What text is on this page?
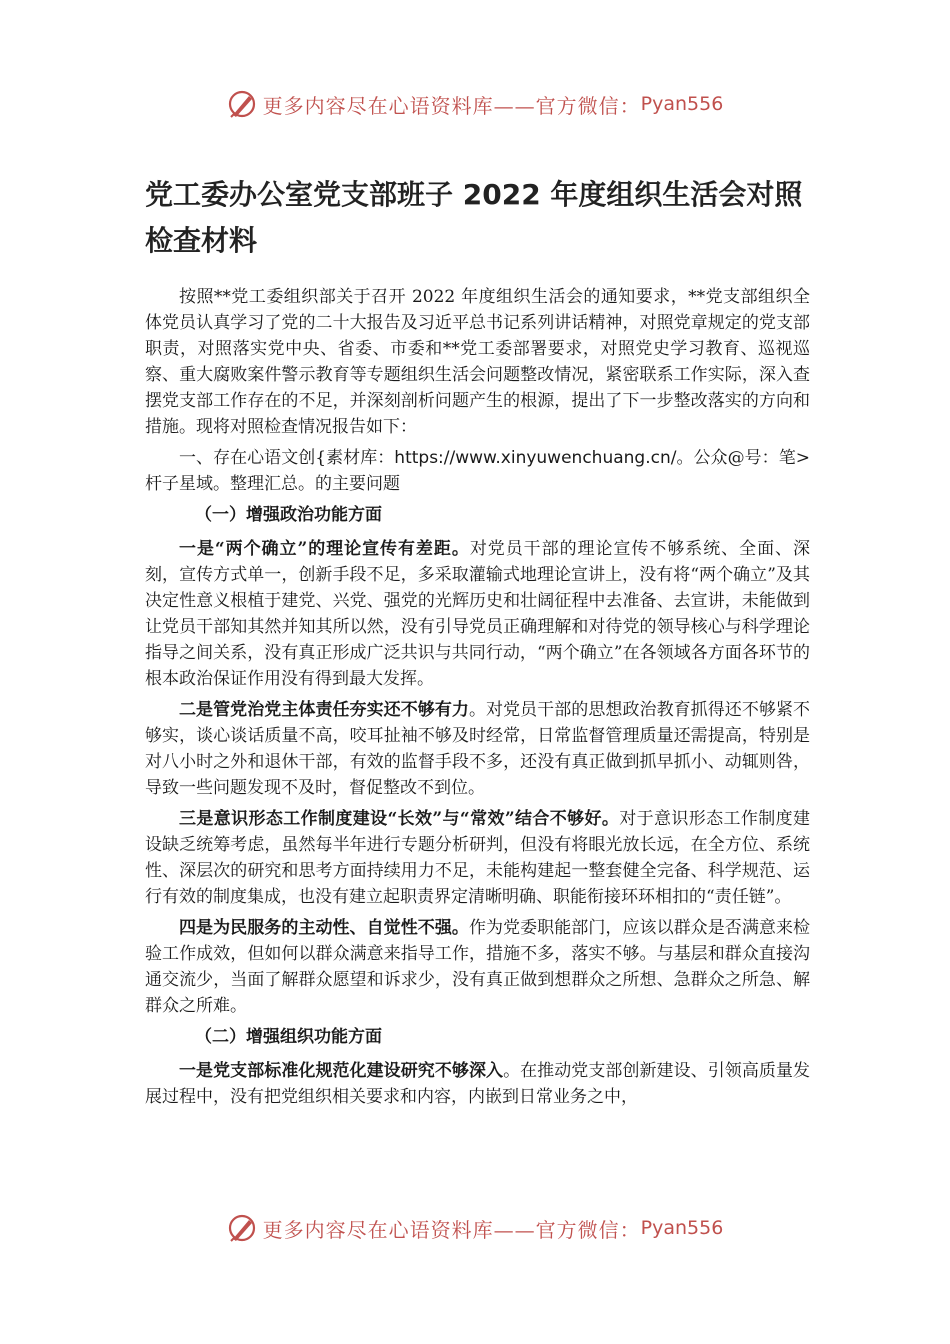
更多内容尽在心语资料库——官方微信： Pyan556
党工委办公室党支部班子 2022 年度组织生活会对照检查材料

按照**党工委组织部关于召开 2022 年度组织生活会的通知要求，**党支部组织全体党员认真学习了党的二十大报告及习近平总书记系列讲话精神，对照党章规定的党支部职责，对照落实党中央、省委、市委和**党工委部署要求，对照党史学习教育、巡视巡察、重大腐败案件警示教育等专题组织生活会问题整改情况，紧密联系工作实际，深入查摆党支部工作存在的不足，并深刻剖析问题产生的根源，提出了下一步整改落实的方向和措施。现将对照检查情况报告如下：

一、存在心语文创{素材库：https://www.xinyuwenchuang.cn/。公众@号：笔>杆子星域。整理汇总。的主要问题

（一）增强政治功能方面

一是“两个确立”的理论宣传有差距。对党员干部的理论宣传不够系统、全面、深刻，宣传方式单一，创新手段不足，多采取灌输式地理论宣讲上，没有将“两个确立”及其决定性意义根植于建党、兴党、强党的光辉历史和壮阔征程中去准备、去宣讲，未能做到让党员干部知其然并知其所以然，没有引导党员正确理解和对待党的领导核心与科学理论指导之间关系，没有真正形成广泛共识与共同行动，“两个确立”在各领域各方面各环节的根本政治保证作用没有得到最大发挥。

二是管党治党主体责任夯实还不够有力。对党员干部的思想政治教育抓得还不够紧不够实，谈心谈话质量不高，咬耳扯袖不够及时经常，日常监督管理质量还需提高，特别是对八小时之外和退休干部，有效的监督手段不多，还没有真正做到抓早抓小、动辄则咎，导致一些问题发现不及时，督促整改不到位。

三是意识形态工作制度建设“长效”与“常效”结合不够好。对于意识形态工作制度建设缺乏统筹考虑，虽然每半年进行专题分析研判，但没有将眼光放长远，在全方位、系统性、深层次的研究和思考方面持续用力不足，未能构建起一整套健全完备、科学规范、运行有效的制度集成，也没有建立起职责界定清晰明确、职能衔接环环相扣的“责任链”。

四是为民服务的主动性、自觉性不强。作为党委职能部门，应该以群众是否满意来检验工作成效，但如何以群众满意来指导工作，措施不多，落实不够。与基层和群众直接沟通交流少，当面了解群众愿望和诉求少，没有真正做到想群众之所想、急群众之所急、解群众之所难。

（二）增强组织功能方面

一是党支部标准化规范化建设研究不够深入。在推动党支部创新建设、引领高质量发展过程中，没有把党组织相关要求和内容，内嵌到日常业务之中，

更多内容尽在心语资料库——官方微信： Pyan556
